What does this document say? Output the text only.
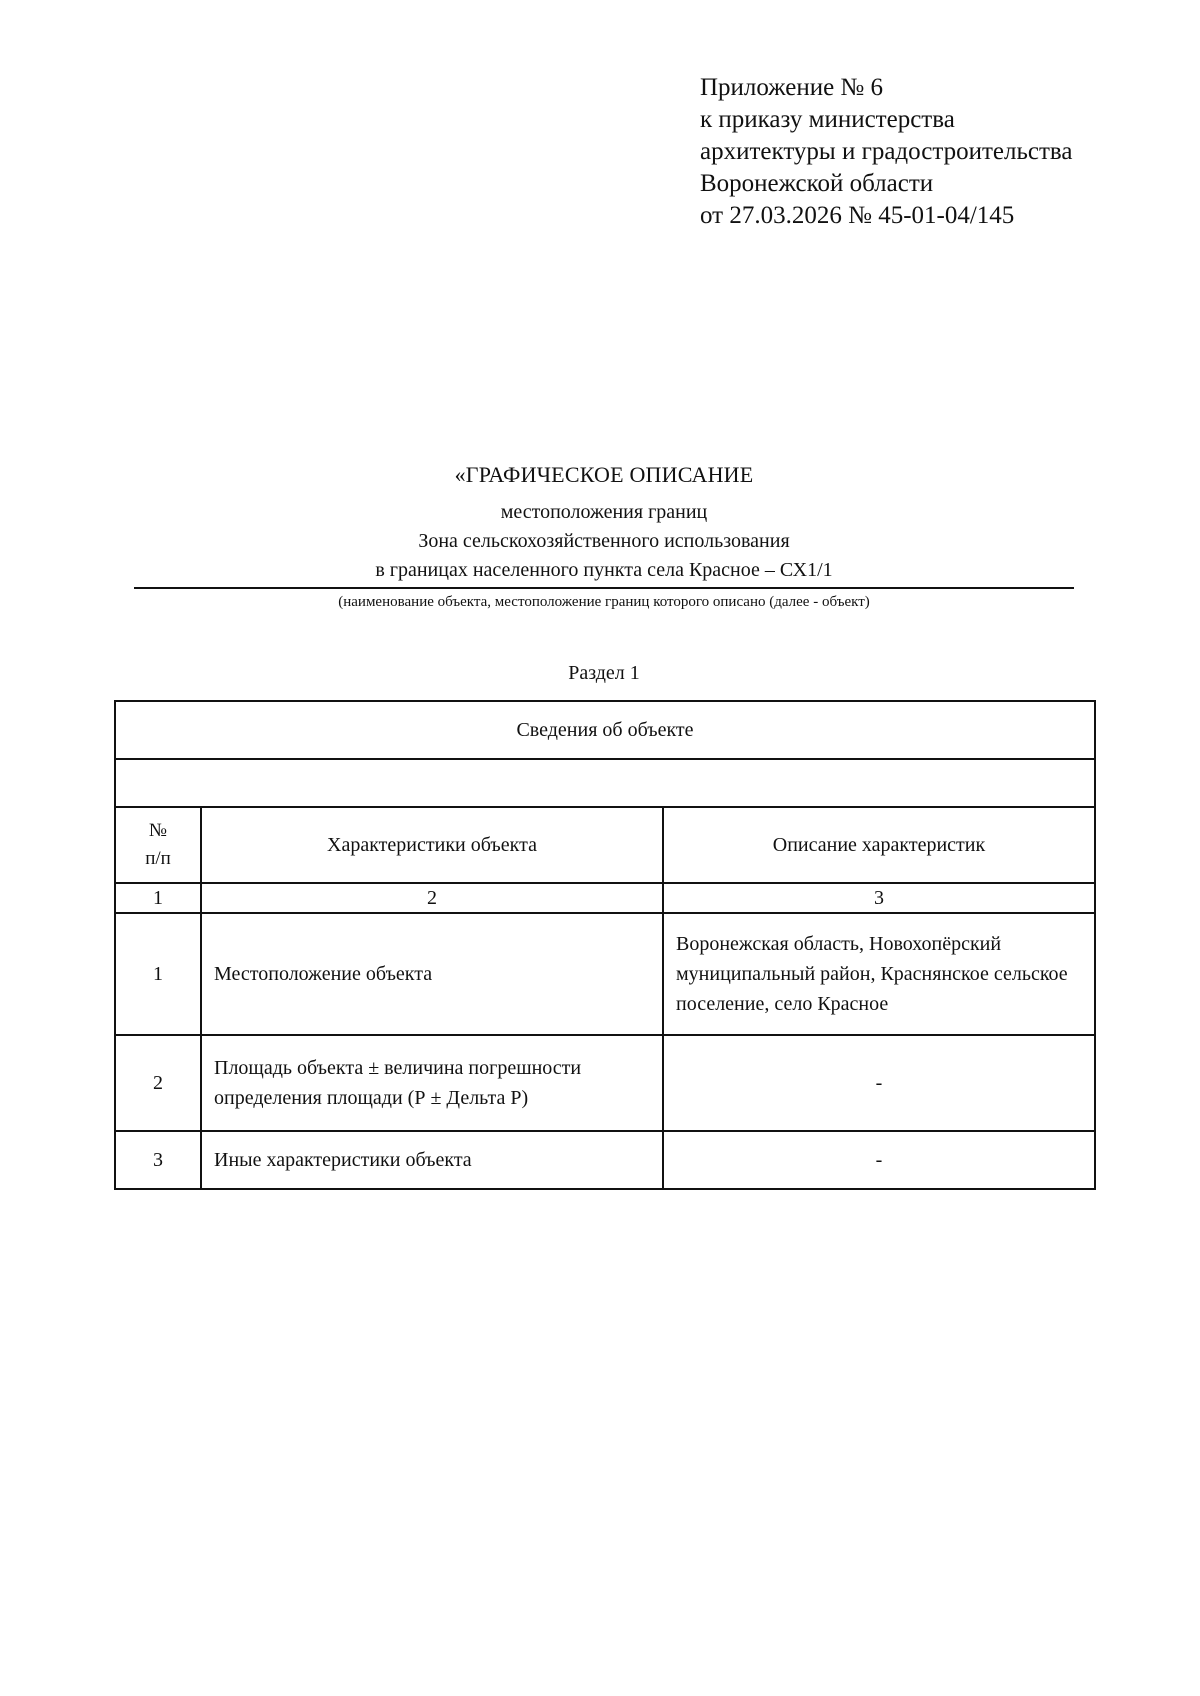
Приложение № 6
к приказу министерства
архитектуры и градостроительства
Воронежской области
от 27.03.2026 № 45-01-04/145
«ГРАФИЧЕСКОЕ ОПИСАНИЕ
местоположения границ
Зона сельскохозяйственного использования
в границах населенного пункта села Красное – СХ1/1
(наименование объекта, местоположение границ которого описано (далее - объект)
Раздел 1
Сведения об объекте		

№
п/п	Характеристики объекта	Описание характеристик
1	2	3
1	Местоположение объекта	Воронежская область, Новохопёрский муниципальный район, Краснянское сельское поселение, село Красное
2	Площадь объекта ± величина погрешности определения площади (Р ± Дельта Р)	-
3	Иные характеристики объекта	-
